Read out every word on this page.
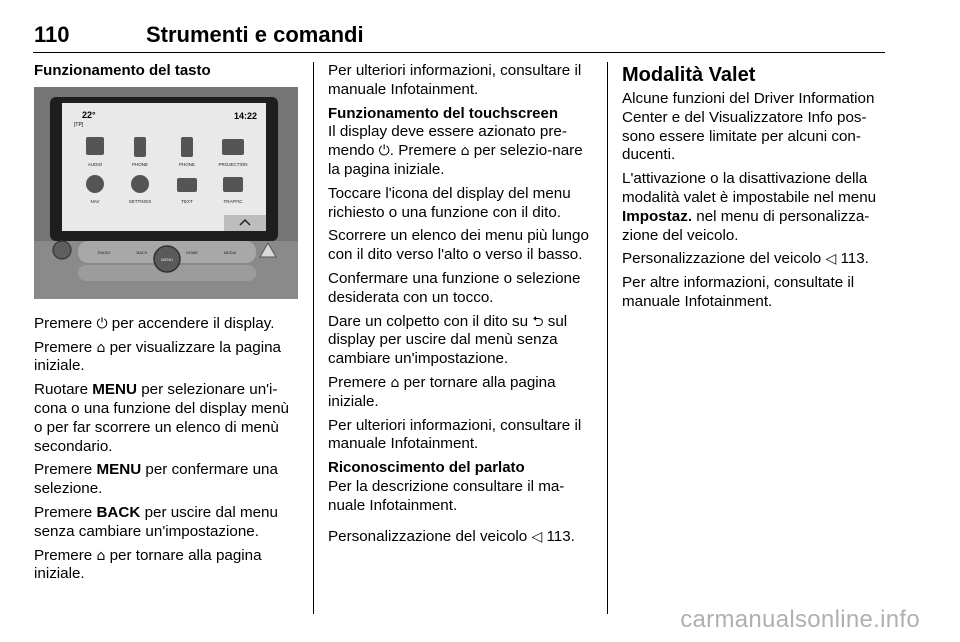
110	Strumenti e comandi
Funzionamento del tasto
22°
[TP]
14:22
AUDIO	PHONE	PHONE	PROJECTION
NAV	SETTINGS	TEXT	TRAFFIC
RADIO	BACK	HOME	MEDIA
MENU

Premere ⏻ per accendere il display.

Premere ⌂ per visualizzare la pagina iniziale.

Ruotare MENU per selezionare un'i-cona o una funzione del display menù o per far scorrere un elenco di menù secondario.

Premere MENU per confermare una selezione.

Premere BACK per uscire dal menu senza cambiare un'impostazione.

Premere ⌂ per tornare alla pagina iniziale.

Per ulteriori informazioni, consultare il manuale Infotainment.

Funzionamento del touchscreen

Il display deve essere azionato pre-mendo ⏻. Premere ⌂ per selezio-nare la pagina iniziale.

Toccare l'icona del display del menu richiesto o una funzione con il dito.

Scorrere un elenco dei menu più lungo con il dito verso l'alto o verso il basso.

Confermare una funzione o selezione desiderata con un tocco.

Dare un colpetto con il dito su ⮌ sul display per uscire dal menù senza cambiare un'impostazione.

Premere ⌂ per tornare alla pagina iniziale.

Per ulteriori informazioni, consultare il manuale Infotainment.

Riconoscimento del parlato

Per la descrizione consultare il ma-nuale Infotainment.

Personalizzazione del veicolo ◁ 113.

Modalità Valet

Alcune funzioni del Driver Information Center e del Visualizzatore Info pos-sono essere limitate per alcuni con-ducenti.

L'attivazione o la disattivazione della modalità valet è impostabile nel menu Impostaz. nel menu di personalizza-zione del veicolo.

Personalizzazione del veicolo ◁ 113.

Per altre informazioni, consultate il manuale Infotainment.

carmanualsonline.info
